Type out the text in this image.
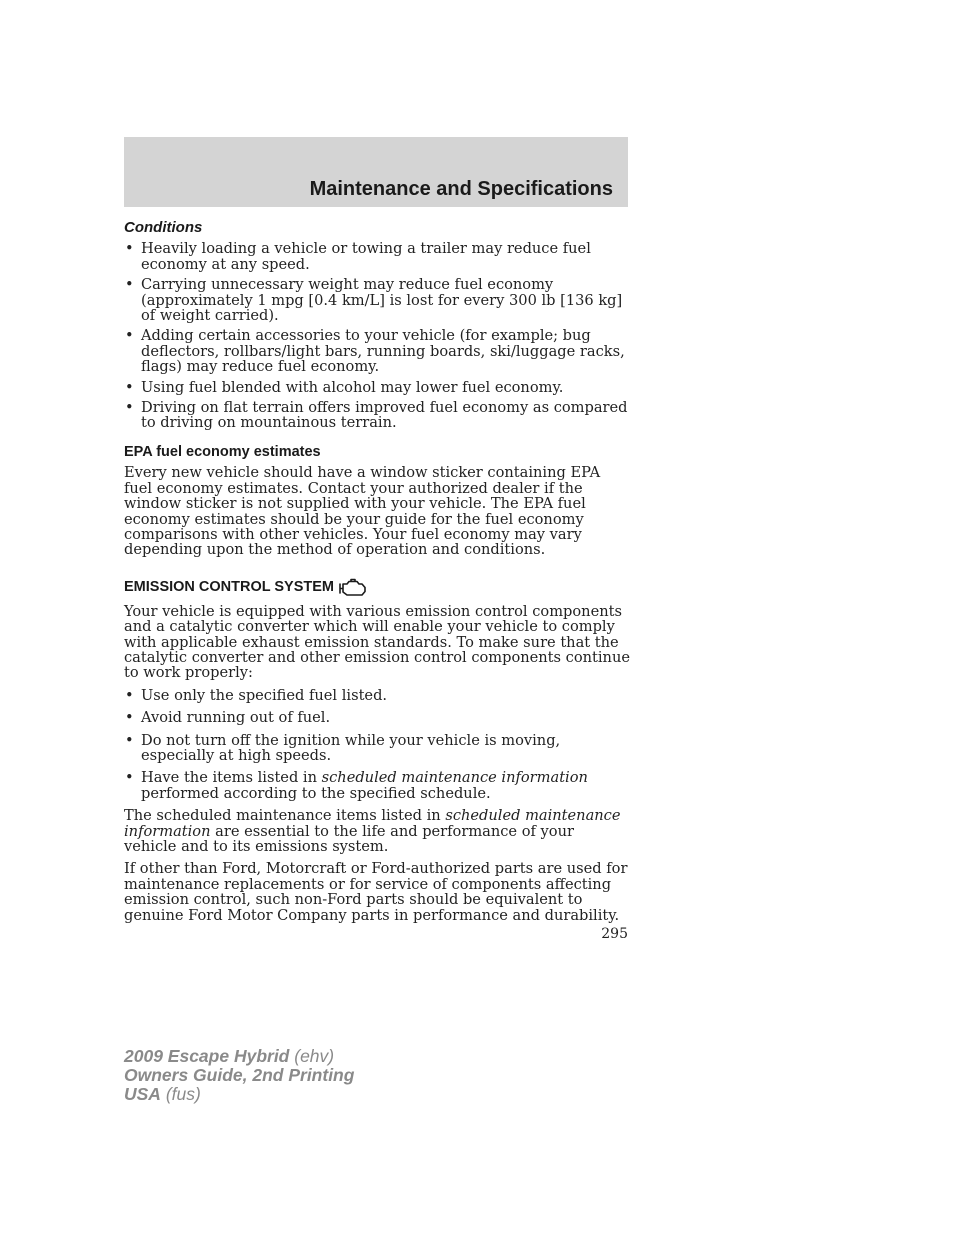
Maintenance and Specifications
Conditions
• Heavily loading a vehicle or towing a trailer may reduce fuel economy at any speed.
• Carrying unnecessary weight may reduce fuel economy (approximately 1 mpg [0.4 km/L] is lost for every 300 lb [136 kg] of weight carried).
• Adding certain accessories to your vehicle (for example; bug deflectors, rollbars/light bars, running boards, ski/luggage racks, flags) may reduce fuel economy.
• Using fuel blended with alcohol may lower fuel economy.
• Driving on flat terrain offers improved fuel economy as compared to driving on mountainous terrain.
EPA fuel economy estimates

Every new vehicle should have a window sticker containing EPA fuel economy estimates. Contact your authorized dealer if the window sticker is not supplied with your vehicle. The EPA fuel economy estimates should be your guide for the fuel economy comparisons with other vehicles. Your fuel economy may vary depending upon the method of operation and conditions.

EMISSION CONTROL SYSTEM

Your vehicle is equipped with various emission control components and a catalytic converter which will enable your vehicle to comply with applicable exhaust emission standards. To make sure that the catalytic converter and other emission control components continue to work properly:

• Use only the specified fuel listed.
• Avoid running out of fuel.
• Do not turn off the ignition while your vehicle is moving, especially at high speeds.
• Have the items listed in scheduled maintenance information performed according to the specified schedule.

The scheduled maintenance items listed in scheduled maintenance information are essential to the life and performance of your vehicle and to its emissions system.

If other than Ford, Motorcraft or Ford-authorized parts are used for maintenance replacements or for service of components affecting emission control, such non-Ford parts should be equivalent to genuine Ford Motor Company parts in performance and durability.

295
2009 Escape Hybrid (ehv)
Owners Guide, 2nd Printing
USA (fus)
